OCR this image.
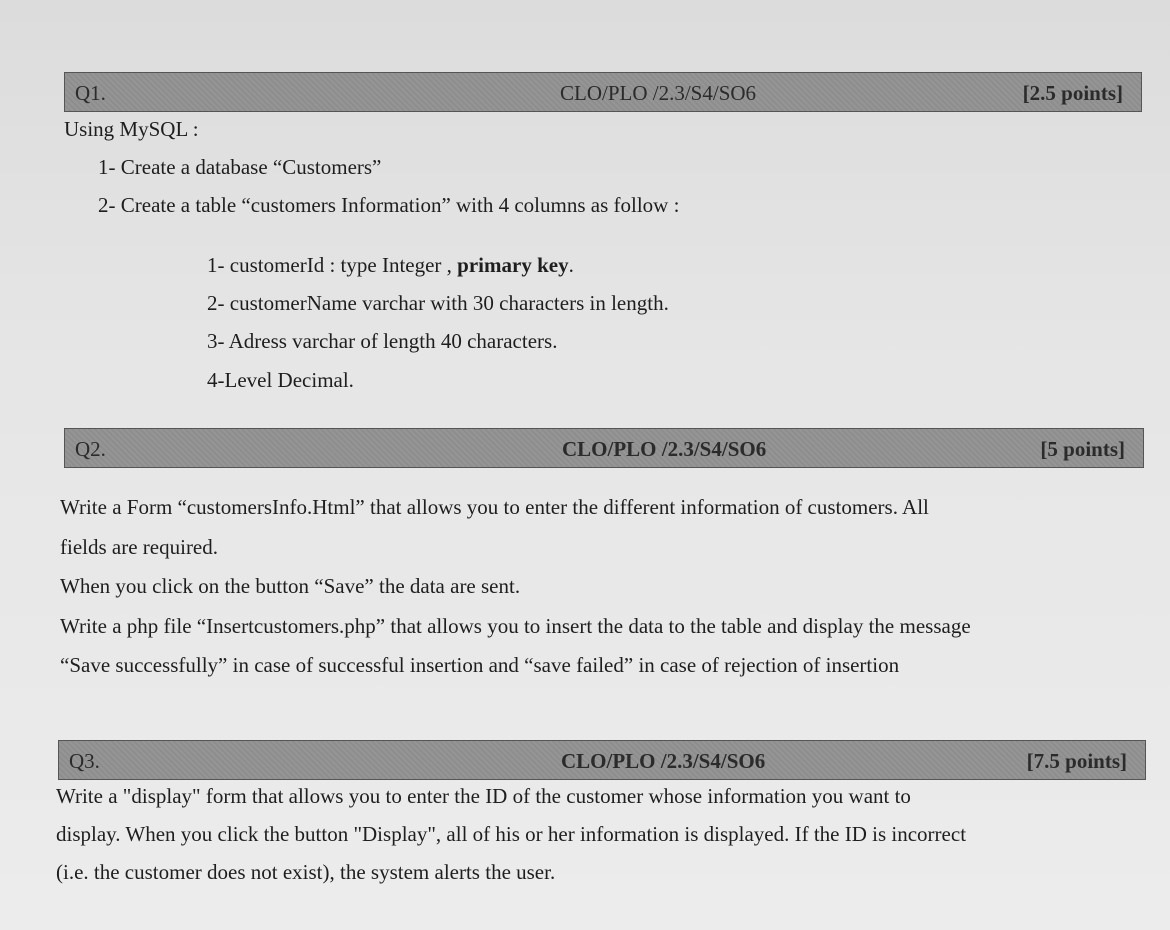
Q1.	CLO/PLO /2.3/S4/SO6	[2.5 points]
Using MySQL :
1- Create a database “Customers”
2- Create a table “customers Information” with 4 columns as follow :
1- customerId : type Integer , primary key.
2- customerName varchar with 30 characters in length.
3- Adress varchar of length 40 characters.
4-Level Decimal.
Q2.	CLO/PLO /2.3/S4/SO6	[5 points]
Write a Form “customersInfo.Html” that allows you to enter the different information of customers. All
fields are required.
When you click on the button “Save” the data are sent.
Write a php file “Insertcustomers.php” that allows you to insert the data to the table and display the message
“Save successfully” in case of successful insertion and “save failed” in case of rejection of insertion
Q3.	CLO/PLO /2.3/S4/SO6	[7.5 points]
Write a "display" form that allows you to enter the ID of the customer whose information you want to
display. When you click the button "Display", all of his or her information is displayed. If the ID is incorrect
(i.e. the customer does not exist), the system alerts the user.
